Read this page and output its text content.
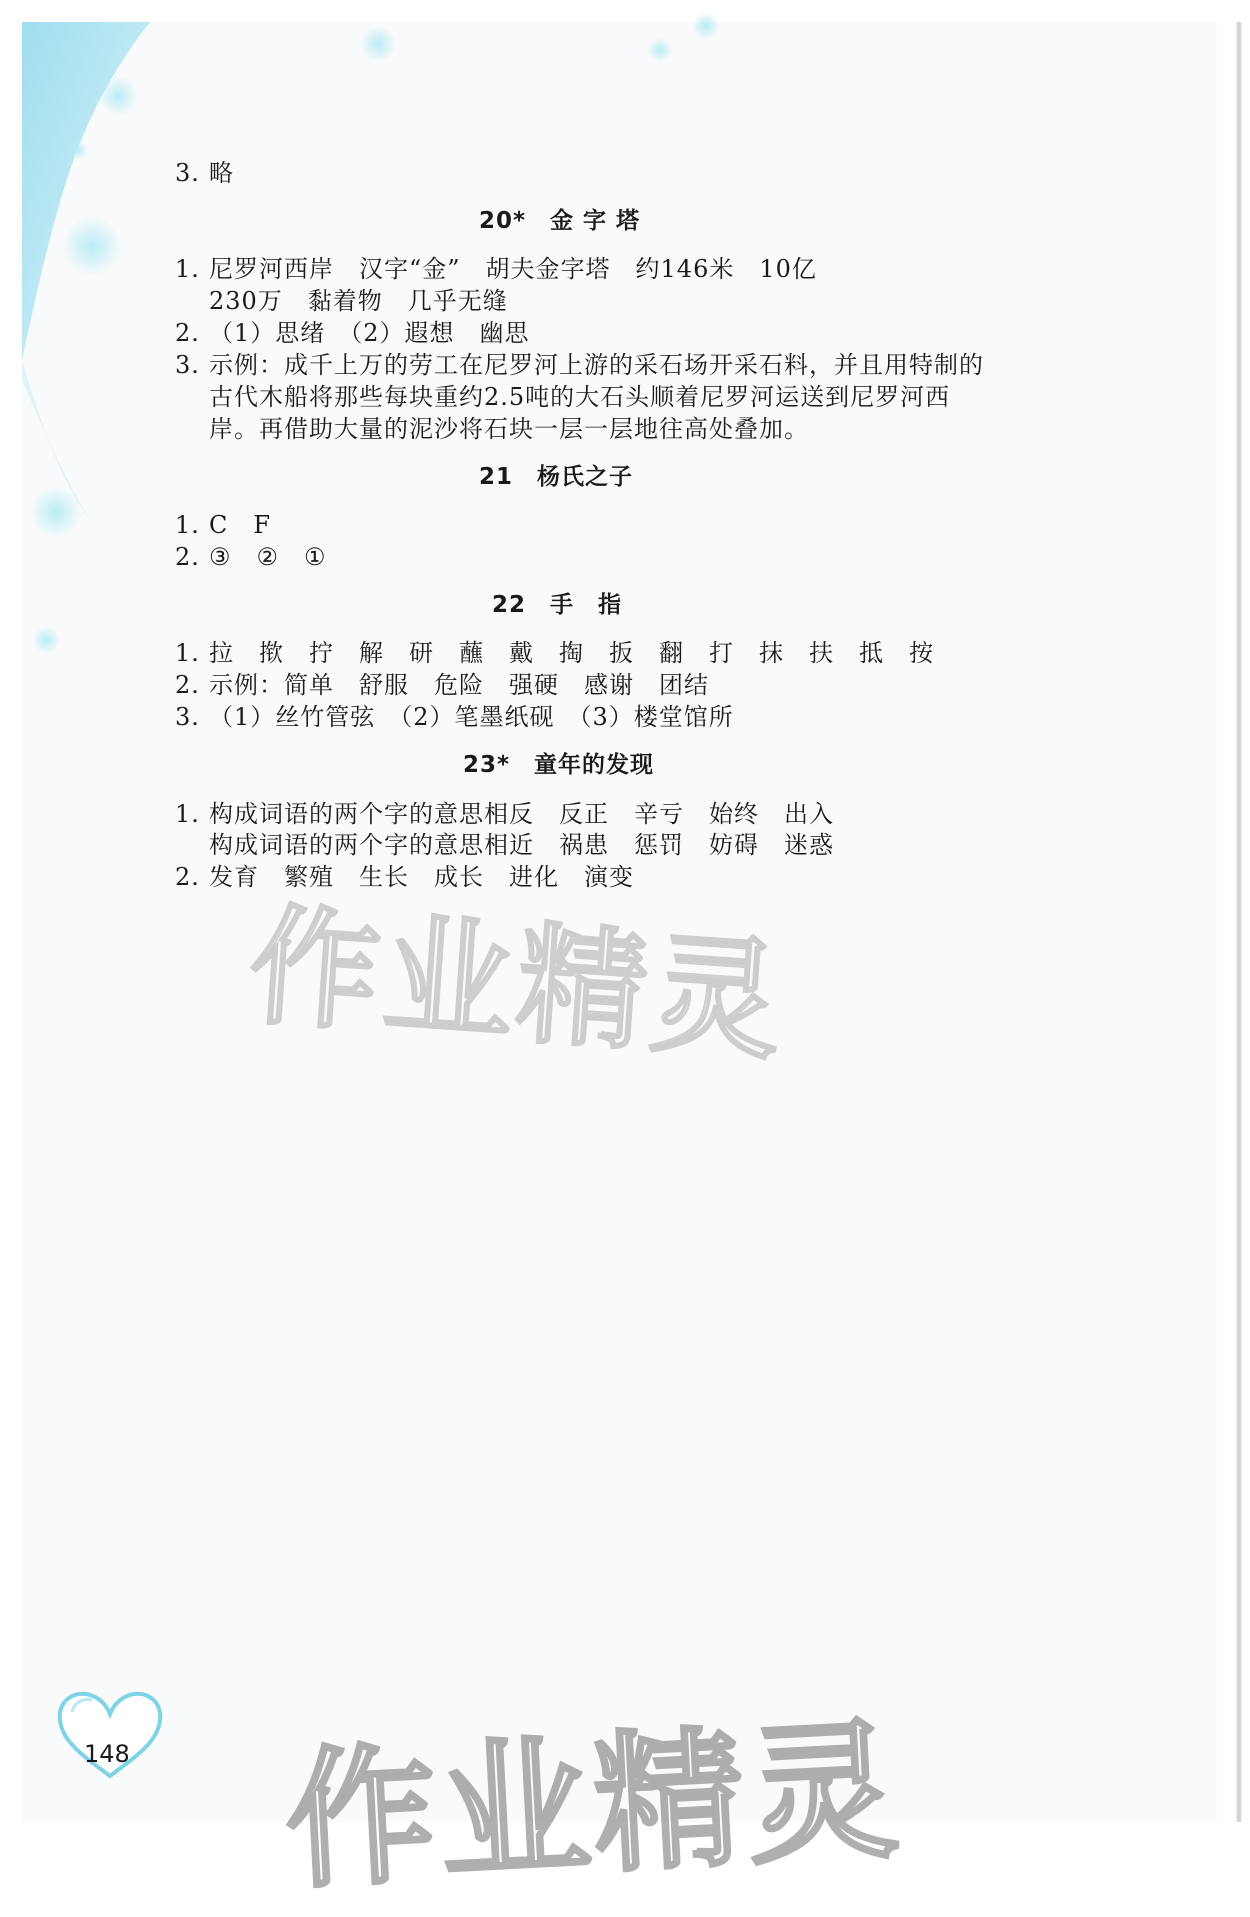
3. 略
20*　金 字 塔
1. 尼罗河西岸　汉字“金”　胡夫金字塔　约146米　10亿
230万　黏着物　几乎无缝
2. （1）思绪　（2）遐想　幽思
3. 示例：成千上万的劳工在尼罗河上游的采石场开采石料，并且用特制的
古代木船将那些每块重约2.5吨的大石头顺着尼罗河运送到尼罗河西
岸。再借助大量的泥沙将石块一层一层地往高处叠加。
21　杨氏之子
1. C　F
2. ③　②　①
22　手　指
1. 拉　揿　拧　解　研　蘸　戴　掏　扳　翻　打　抹　扶　抵　按
2. 示例：简单　舒服　危险　强硬　感谢　团结
3. （1）丝竹管弦　（2）笔墨纸砚　（3）楼堂馆所
23*　童年的发现
1. 构成词语的两个字的意思相反　反正　辛亏　始终　出入
构成词语的两个字的意思相近　祸患　惩罚　妨碍　迷惑
2. 发育　繁殖　生长　成长　进化　演变
作业精灵
148 作业精灵
